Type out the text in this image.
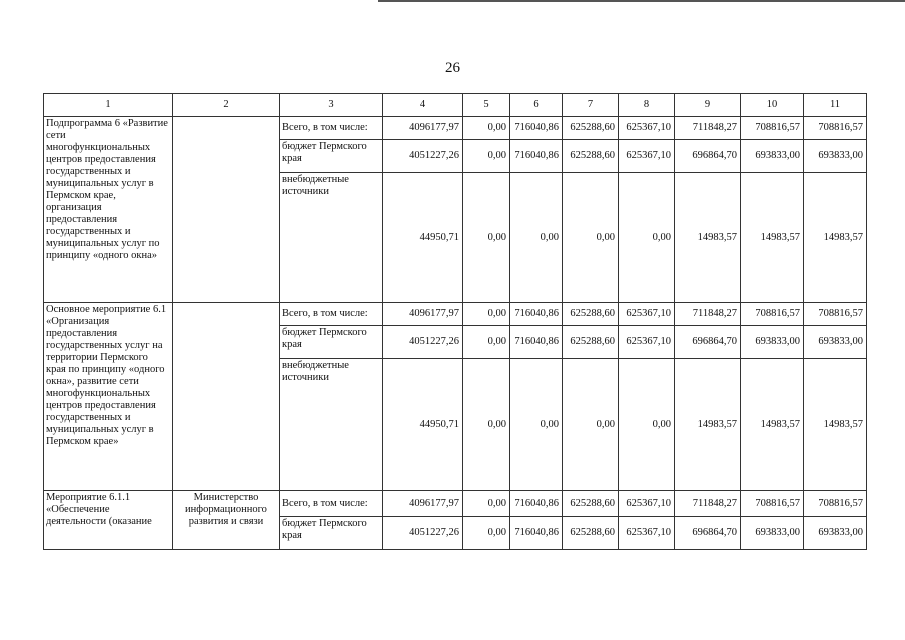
26
1	2	3	4	5	6	7	8	9	10	11
Подпрограмма 6 «Развитие сети многофункциональных центров предоставления государственных и муниципальных услуг в Пермском крае, организация предоставления государственных и муниципальных услуг по принципу «одного окна»		Всего, в том числе:	4096177,97	0,00	716040,86	625288,60	625367,10	711848,27	708816,57	708816,57
		бюджет Пермского края	4051227,26	0,00	716040,86	625288,60	625367,10	696864,70	693833,00	693833,00
		внебюджетные источники	44950,71	0,00	0,00	0,00	0,00	14983,57	14983,57	14983,57
Основное мероприятие 6.1 «Организация предоставления государственных услуг на территории Пермского края по принципу «одного окна», развитие сети многофункциональных центров предоставления государственных и муниципальных услуг в Пермском крае»		Всего, в том числе:	4096177,97	0,00	716040,86	625288,60	625367,10	711848,27	708816,57	708816,57
		бюджет Пермского края	4051227,26	0,00	716040,86	625288,60	625367,10	696864,70	693833,00	693833,00
		внебюджетные источники	44950,71	0,00	0,00	0,00	0,00	14983,57	14983,57	14983,57
Мероприятие 6.1.1 «Обеспечение деятельности (оказание	Министерство информационного развития и связи	Всего, в том числе:	4096177,97	0,00	716040,86	625288,60	625367,10	711848,27	708816,57	708816,57
		бюджет Пермского края	4051227,26	0,00	716040,86	625288,60	625367,10	696864,70	693833,00	693833,00
